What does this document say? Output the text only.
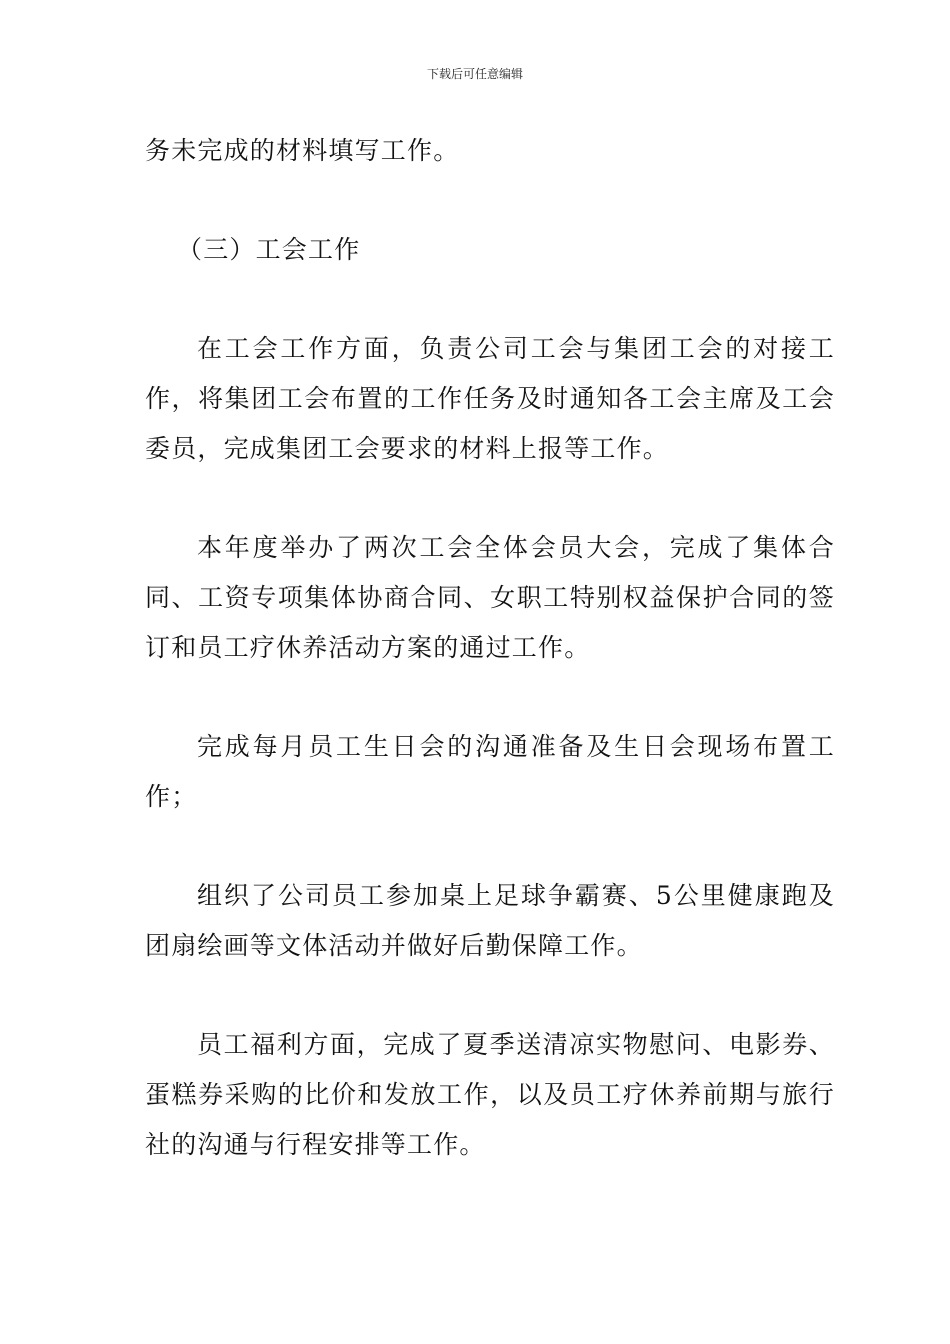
下载后可任意编辑

务未完成的材料填写工作。

（三）工会工作

在工会工作方面，负责公司工会与集团工会的对接工作，将集团工会布置的工作任务及时通知各工会主席及工会委员，完成集团工会要求的材料上报等工作。

本年度举办了两次工会全体会员大会，完成了集体合同、工资专项集体协商合同、女职工特别权益保护合同的签订和员工疗休养活动方案的通过工作。

完成每月员工生日会的沟通准备及生日会现场布置工作；

组织了公司员工参加桌上足球争霸赛、5公里健康跑及团扇绘画等文体活动并做好后勤保障工作。

员工福利方面，完成了夏季送清凉实物慰问、电影券、蛋糕券采购的比价和发放工作，以及员工疗休养前期与旅行社的沟通与行程安排等工作。
